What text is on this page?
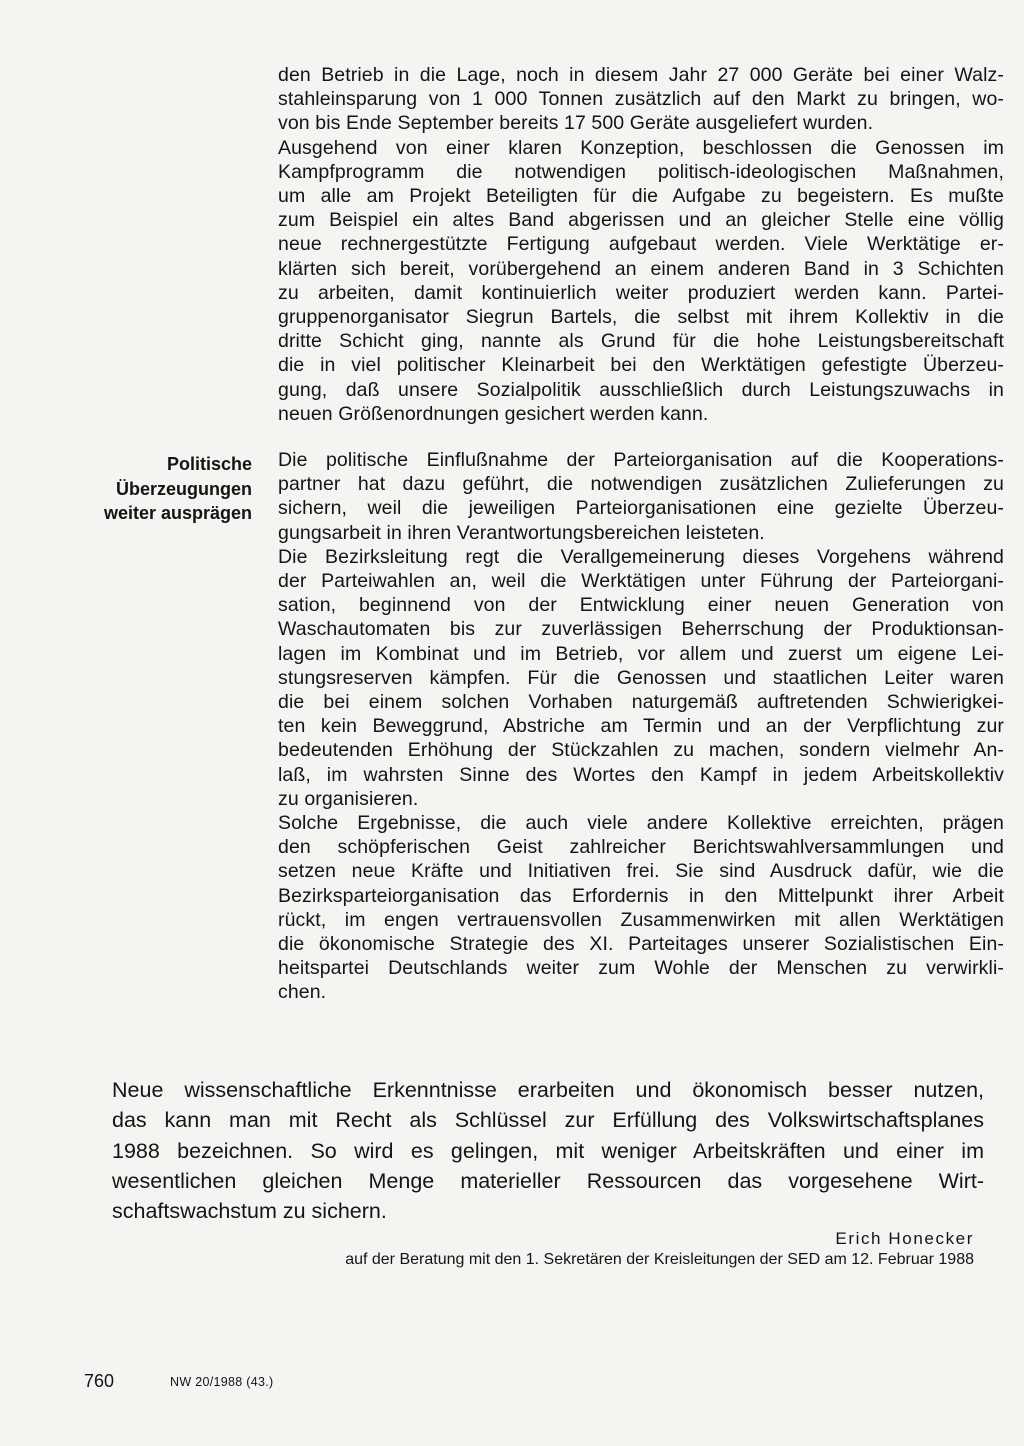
den Betrieb in die Lage, noch in diesem Jahr 27 000 Geräte bei einer Walz-
stahleinsparung von 1 000 Tonnen zusätzlich auf den Markt zu bringen, wo-
von bis Ende September bereits 17 500 Geräte ausgeliefert wurden.
Ausgehend von einer klaren Konzeption, beschlossen die Genossen im
Kampfprogramm die notwendigen politisch-ideologischen Maßnahmen,
um alle am Projekt Beteiligten für die Aufgabe zu begeistern. Es mußte
zum Beispiel ein altes Band abgerissen und an gleicher Stelle eine völlig
neue rechnergestützte Fertigung aufgebaut werden. Viele Werktätige er-
klärten sich bereit, vorübergehend an einem anderen Band in 3 Schichten
zu arbeiten, damit kontinuierlich weiter produziert werden kann. Partei-
gruppenorganisator Siegrun Bartels, die selbst mit ihrem Kollektiv in die
dritte Schicht ging, nannte als Grund für die hohe Leistungsbereitschaft
die in viel politischer Kleinarbeit bei den Werktätigen gefestigte Überzeu-
gung, daß unsere Sozialpolitik ausschließlich durch Leistungszuwachs in
neuen Größenordnungen gesichert werden kann.
Politische
Überzeugungen
weiter ausprägen
Die politische Einflußnahme der Parteiorganisation auf die Kooperations-
partner hat dazu geführt, die notwendigen zusätzlichen Zulieferungen zu
sichern, weil die jeweiligen Parteiorganisationen eine gezielte Überzeu-
gungsarbeit in ihren Verantwortungsbereichen leisteten.
Die Bezirksleitung regt die Verallgemeinerung dieses Vorgehens während
der Parteiwahlen an, weil die Werktätigen unter Führung der Parteiorgani-
sation, beginnend von der Entwicklung einer neuen Generation von
Waschautomaten bis zur zuverlässigen Beherrschung der Produktionsan-
lagen im Kombinat und im Betrieb, vor allem und zuerst um eigene Lei-
stungsreserven kämpfen. Für die Genossen und staatlichen Leiter waren
die bei einem solchen Vorhaben naturgemäß auftretenden Schwierigkei-
ten kein Beweggrund, Abstriche am Termin und an der Verpflichtung zur
bedeutenden Erhöhung der Stückzahlen zu machen, sondern vielmehr An-
laß, im wahrsten Sinne des Wortes den Kampf in jedem Arbeitskollektiv
zu organisieren.
Solche Ergebnisse, die auch viele andere Kollektive erreichten, prägen
den schöpferischen Geist zahlreicher Berichtswahlversammlungen und
setzen neue Kräfte und Initiativen frei. Sie sind Ausdruck dafür, wie die
Bezirksparteiorganisation das Erfordernis in den Mittelpunkt ihrer Arbeit
rückt, im engen vertrauensvollen Zusammenwirken mit allen Werktätigen
die ökonomische Strategie des XI. Parteitages unserer Sozialistischen Ein-
heitspartei Deutschlands weiter zum Wohle der Menschen zu verwirkli-
chen.
Neue wissenschaftliche Erkenntnisse erarbeiten und ökonomisch besser nutzen,
das kann man mit Recht als Schlüssel zur Erfüllung des Volkswirtschaftsplanes
1988 bezeichnen. So wird es gelingen, mit weniger Arbeitskräften und einer im
wesentlichen gleichen Menge materieller Ressourcen das vorgesehene Wirt-
schaftswachstum zu sichern.
Erich Honecker
auf der Beratung mit den 1. Sekretären der Kreisleitungen der SED am 12. Februar 1988
760	NW 20/1988 (43.)
